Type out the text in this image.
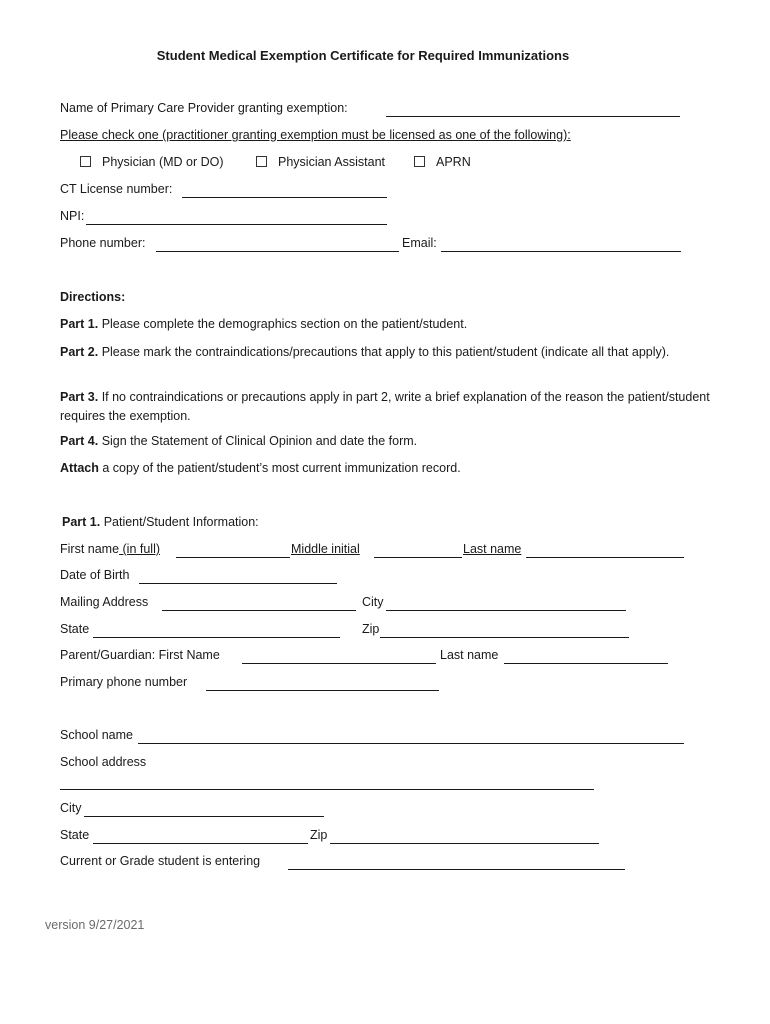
Student Medical Exemption Certificate for Required Immunizations
Name of Primary Care Provider granting exemption:
Please check one (practitioner granting exemption must be licensed as one of the following):
Physician (MD or DO)	Physician Assistant	APRN
CT License number:
NPI:
Phone number:	Email:
Directions:
Part 1. Please complete the demographics section on the patient/student.
Part 2. Please mark the contraindications/precautions that apply to this patient/student (indicate all that apply).
Part 3. If no contraindications or precautions apply in part 2, write a brief explanation of the reason the patient/student requires the exemption.
Part 4. Sign the Statement of Clinical Opinion and date the form.
Attach a copy of the patient/student’s most current immunization record.
Part 1. Patient/Student Information:
First name (in full)	Middle initial	Last name
Date of Birth
Mailing Address	City
State	Zip
Parent/Guardian: First Name	Last name
Primary phone number
School name
School address
City
State	Zip
Current or Grade student is entering
version 9/27/2021
